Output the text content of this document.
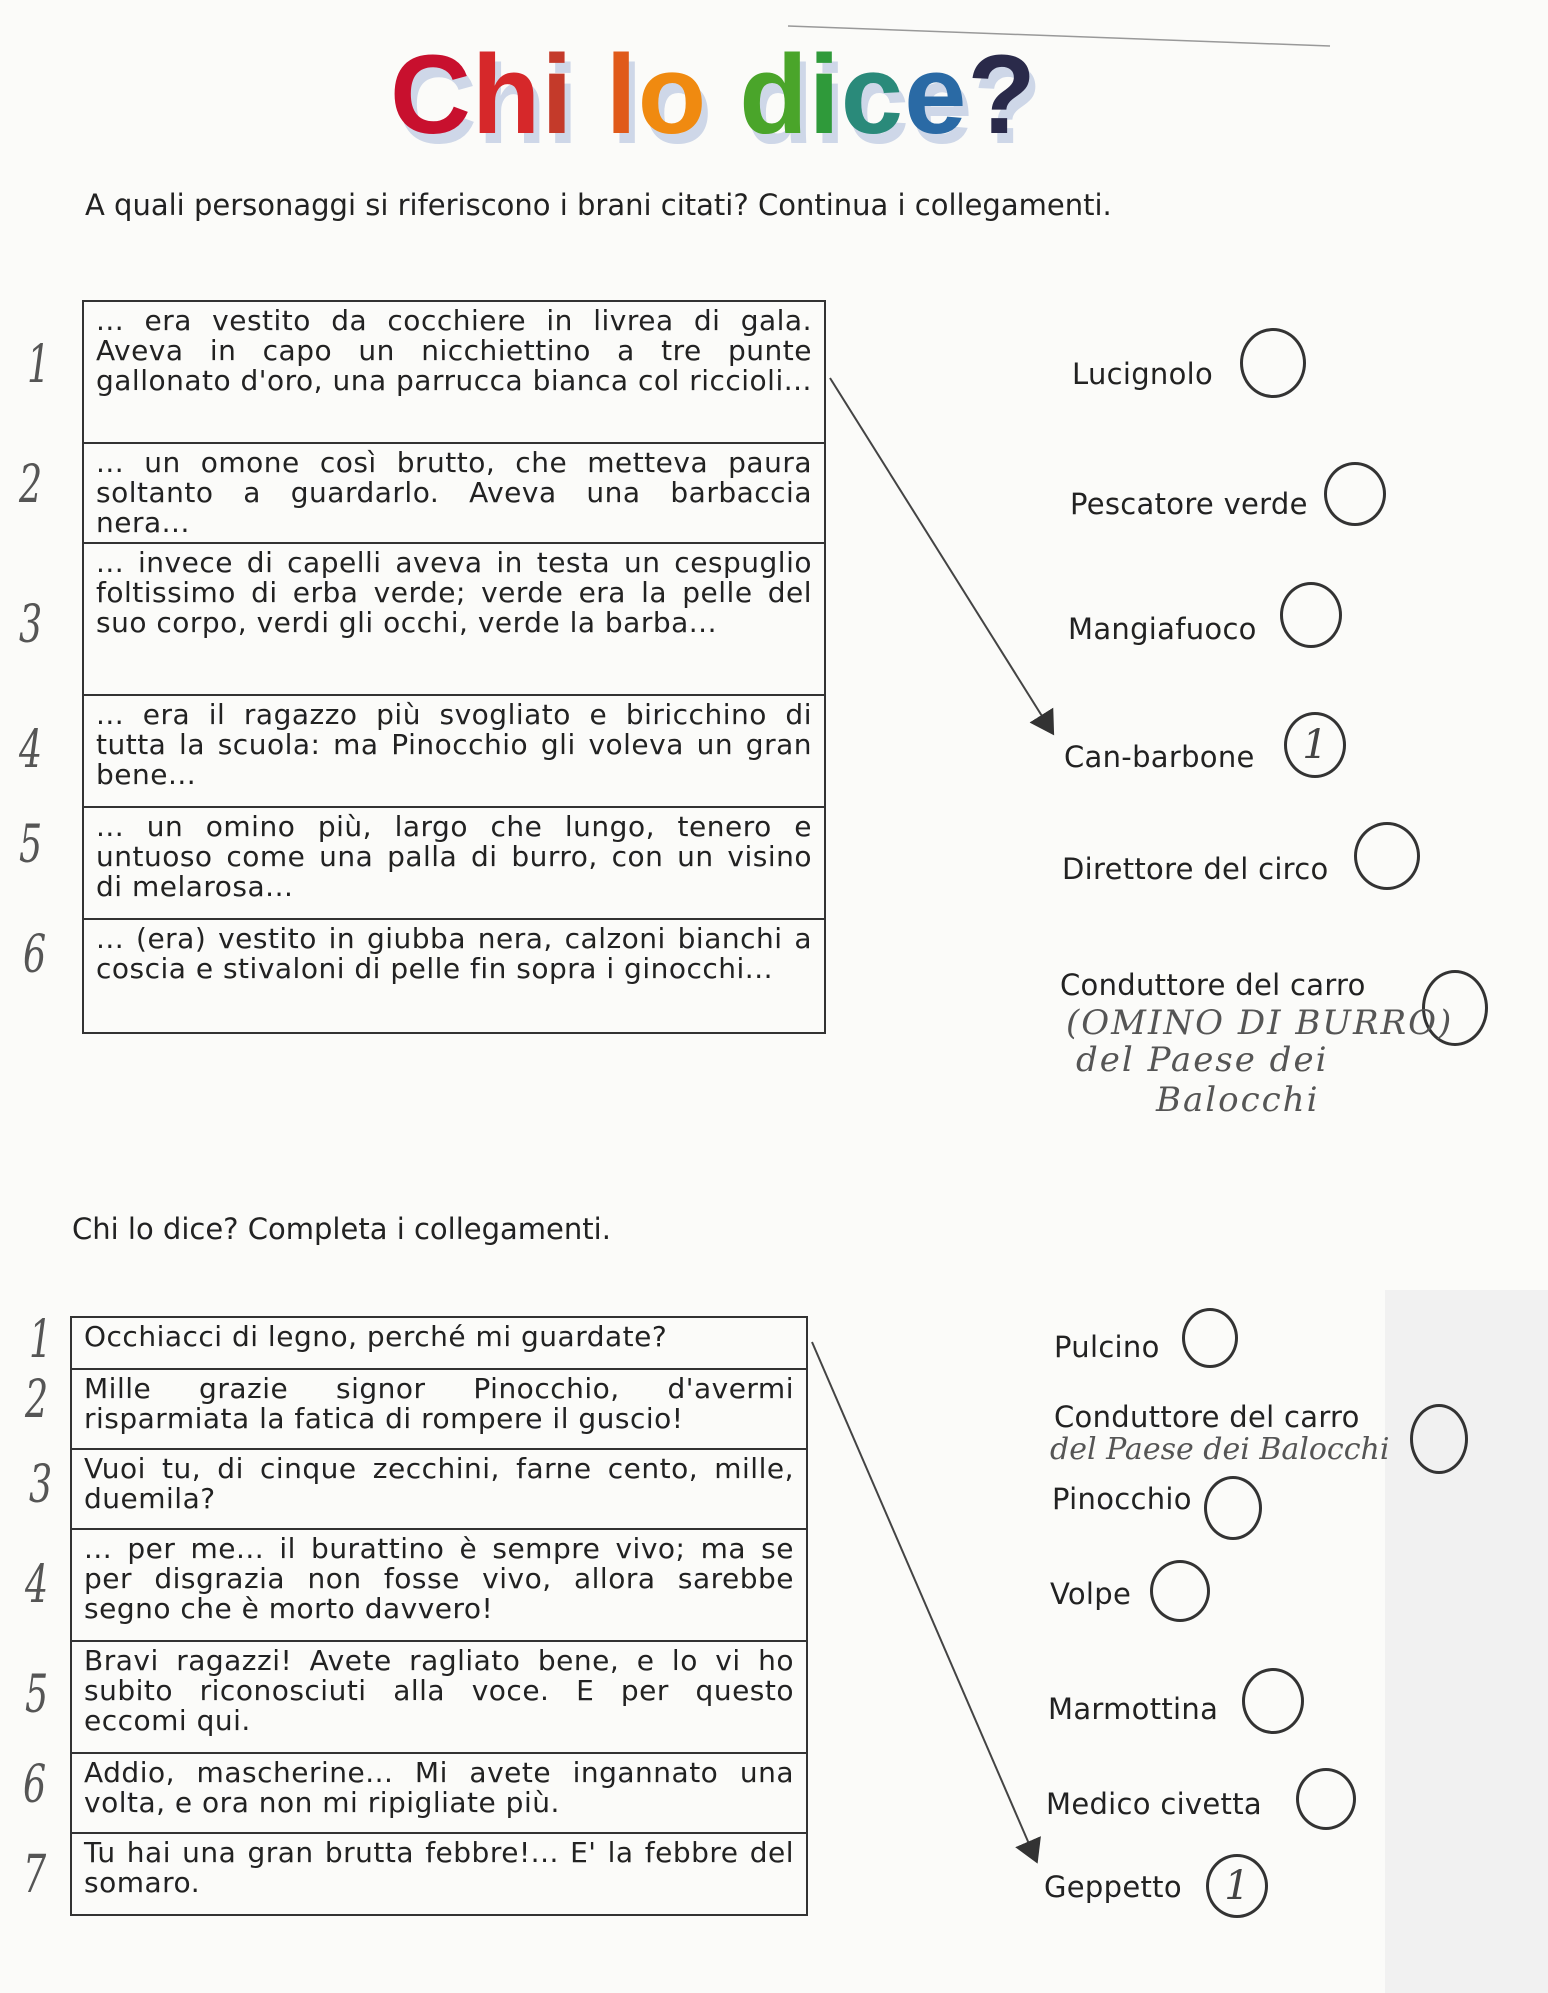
Chi lo dice?
A quali personaggi si riferiscono i brani citati? Continua i collegamenti.
... era vestito da cocchiere in livrea di gala. Aveva in capo un nicchiettino a tre punte gallonato d'oro, una parrucca bianca col riccioli...
... un omone così brutto, che metteva paura soltanto a guardarlo. Aveva una barbaccia nera...
... invece di capelli aveva in testa un cespuglio foltissimo di erba verde; verde era la pelle del suo corpo, verdi gli occhi, verde la barba...
... era il ragazzo più svogliato e biricchino di tutta la scuola: ma Pinocchio gli voleva un gran bene...
... un omino più, largo che lungo, tenero e untuoso come una palla di burro, con un visino di melarosa...
... (era) vestito in giubba nera, calzoni bianchi a coscia e stivaloni di pelle fin sopra i ginocchi...
1
2
3
4
5
6
Lucignolo
Pescatore verde
Mangiafuoco
Can-barbone
Direttore del circo
Conduttore del carro
1
(OMINO DI BURRO)
del Paese dei
Balocchi
Chi lo dice? Completa i collegamenti.
Occhiacci di legno, perché mi guardate?
Mille grazie signor Pinocchio, d'avermi risparmiata la fatica di rompere il guscio!
Vuoi tu, di cinque zecchini, farne cento, mille, duemila?
... per me... il burattino è sempre vivo; ma se per disgrazia non fosse vivo, allora sarebbe segno che è morto davvero!
Bravi ragazzi! Avete ragliato bene, e lo vi ho subito riconosciuti alla voce. E per questo eccomi qui.
Addio, mascherine... Mi avete ingannato una volta, e ora non mi ripigliate più.
Tu hai una gran brutta febbre!... E' la febbre del somaro.
1
2
3
4
5
6
7
Pulcino
Conduttore del carro
Pinocchio
Volpe
Marmottina
Medico civetta
Geppetto	1
del Paese dei Balocchi
